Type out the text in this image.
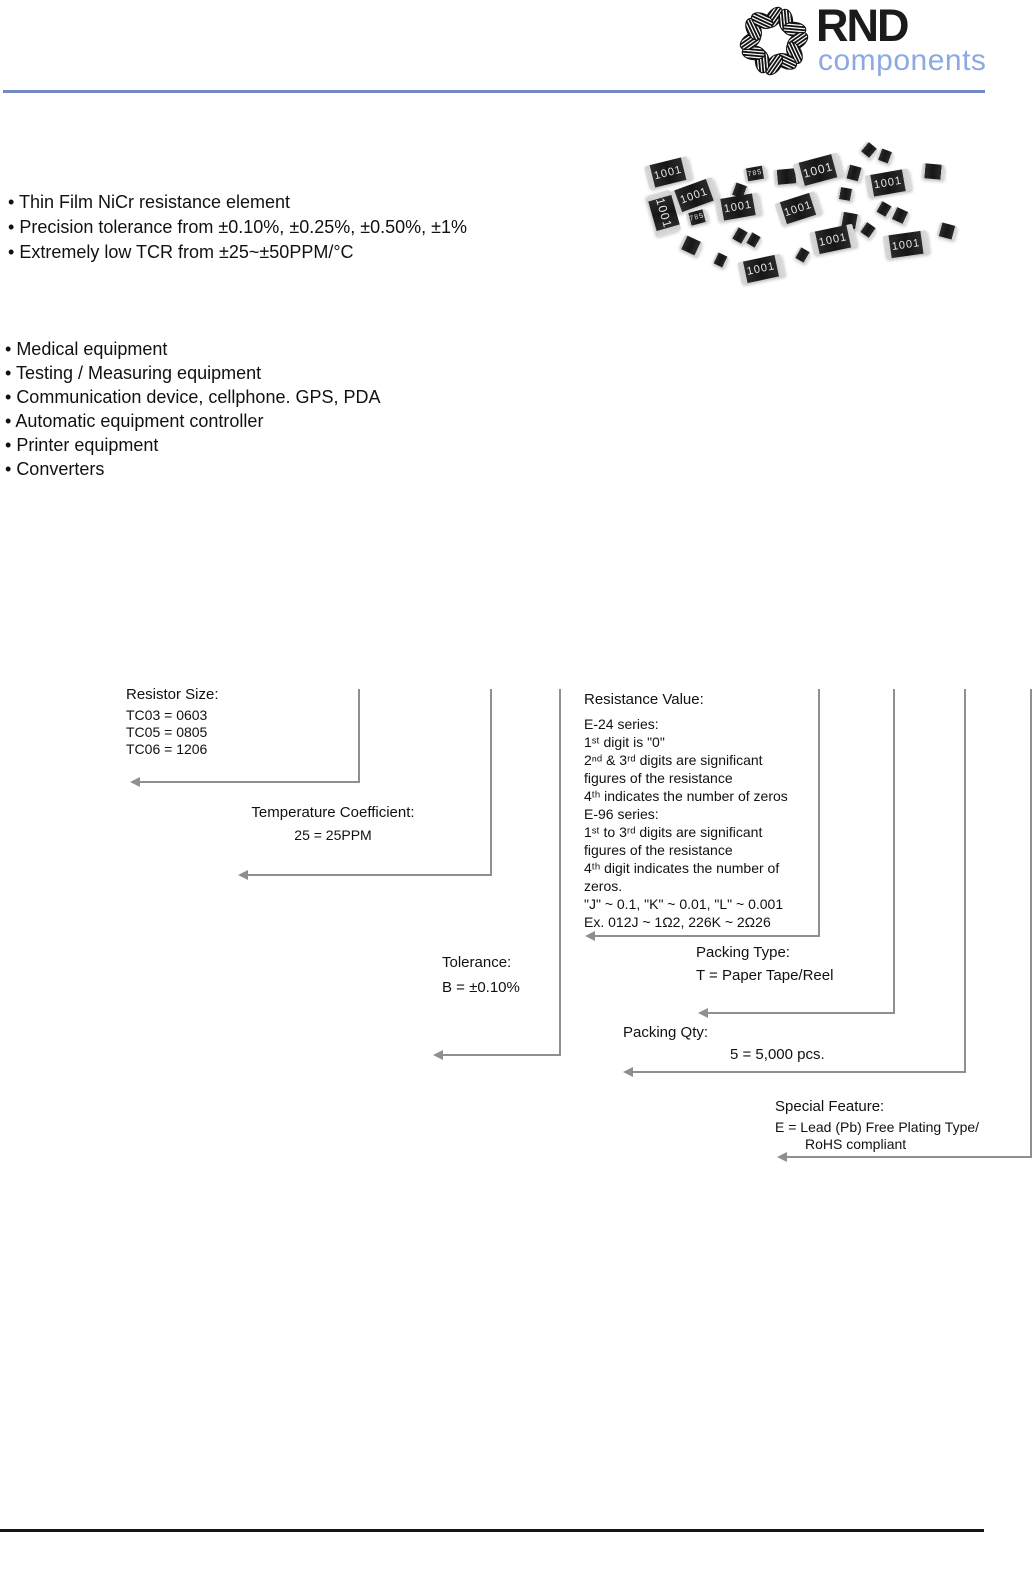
RND
components
• Thin Film NiCr resistance element
• Precision tolerance from ±0.10%, ±0.25%, ±0.50%, ±1%
• Extremely low TCR from ±25~±50PPM/°C
• Medical equipment
• Testing / Measuring equipment
• Communication device, cellphone. GPS, PDA
• Automatic equipment controller
• Printer equipment
• Converters
1001
1001
1001 785
785
1001
1001
1001
1001
1001	1001
1001
Resistor Size:
TC03 = 0603
TC05 = 0805
TC06 = 1206
Temperature Coefficient:
25 = 25PPM
Resistance Value:
E-24 series:
1ˢᵗ digit is "0"
2ⁿᵈ & 3ʳᵈ digits are significant
figures of the resistance
4ᵗʰ indicates the number of zeros
E-96 series:
1ˢᵗ to 3ʳᵈ digits are significant
figures of the resistance
4ᵗʰ digit indicates the number of
zeros.
"J" ~ 0.1, "K" ~ 0.01, "L" ~ 0.001
Ex. 012J ~ 1Ω2, 226K ~ 2Ω26
Tolerance:
B = ±0.10%
Packing Type:
T = Paper Tape/Reel
Packing Qty:
5 = 5,000 pcs.
Special Feature:
E = Lead (Pb) Free Plating Type/
RoHS compliant
